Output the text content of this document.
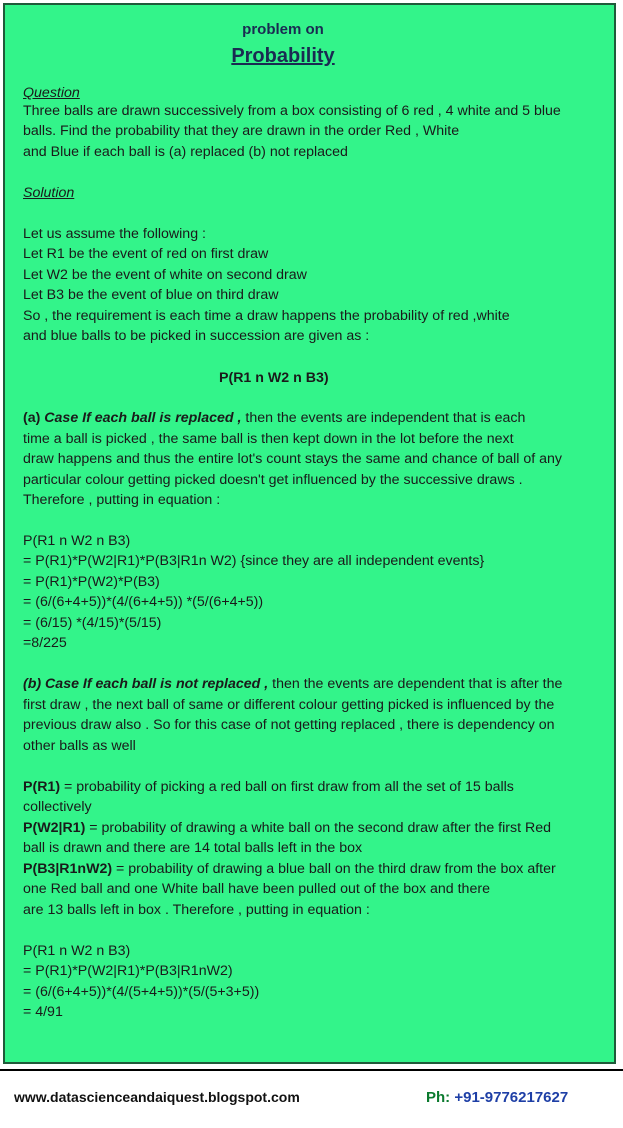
problem on
Probability
Question
Three balls are drawn successively from a box consisting of 6 red , 4 white and 5 blue
balls. Find the probability that they are drawn in the order Red , White
and Blue if each ball is (a) replaced (b) not replaced
Solution
Let us assume the following :
Let R1 be the event of red on first draw
Let W2 be the event of white on second draw
Let B3 be the event of blue on third draw
So , the requirement is each time a draw happens the probability of red ,white
and blue balls to be picked in succession are given as :
P(R1 n W2 n B3)
(a) Case If each ball is replaced , then the events are independent that is each
time a ball is picked , the same ball is then kept down in the lot before the next
draw happens and thus the entire lot's count stays the same and chance of ball of any
particular colour getting picked doesn't get influenced by the successive draws .
Therefore , putting in equation :
P(R1 n W2 n B3)
= P(R1)*P(W2|R1)*P(B3|R1n W2) {since they are all independent events}
= P(R1)*P(W2)*P(B3)
= (6/(6+4+5))*(4/(6+4+5)) *(5/(6+4+5))
= (6/15) *(4/15)*(5/15)
=8/225
(b) Case If each ball is not replaced , then the events are dependent that is after the
first draw , the next ball of same or different colour getting picked is influenced by the
previous draw also . So for this case of not getting replaced , there is dependency on
other balls as well
P(R1) = probability of picking a red ball on first draw from all the set of 15 balls
collectively
P(W2|R1) = probability of drawing a white ball on the second draw after the first Red
ball is drawn and there are 14 total balls left in the box
P(B3|R1nW2) = probability of drawing a blue ball on the third draw from the box after
one Red ball and one White ball have been pulled out of the box and there
are 13 balls left in box . Therefore , putting in equation :
P(R1 n W2 n B3)
= P(R1)*P(W2|R1)*P(B3|R1nW2)
= (6/(6+4+5))*(4/(5+4+5))*(5/(5+3+5))
= 4/91
www.datascienceandaiquest.blogspot.com	Ph: +91-9776217627
